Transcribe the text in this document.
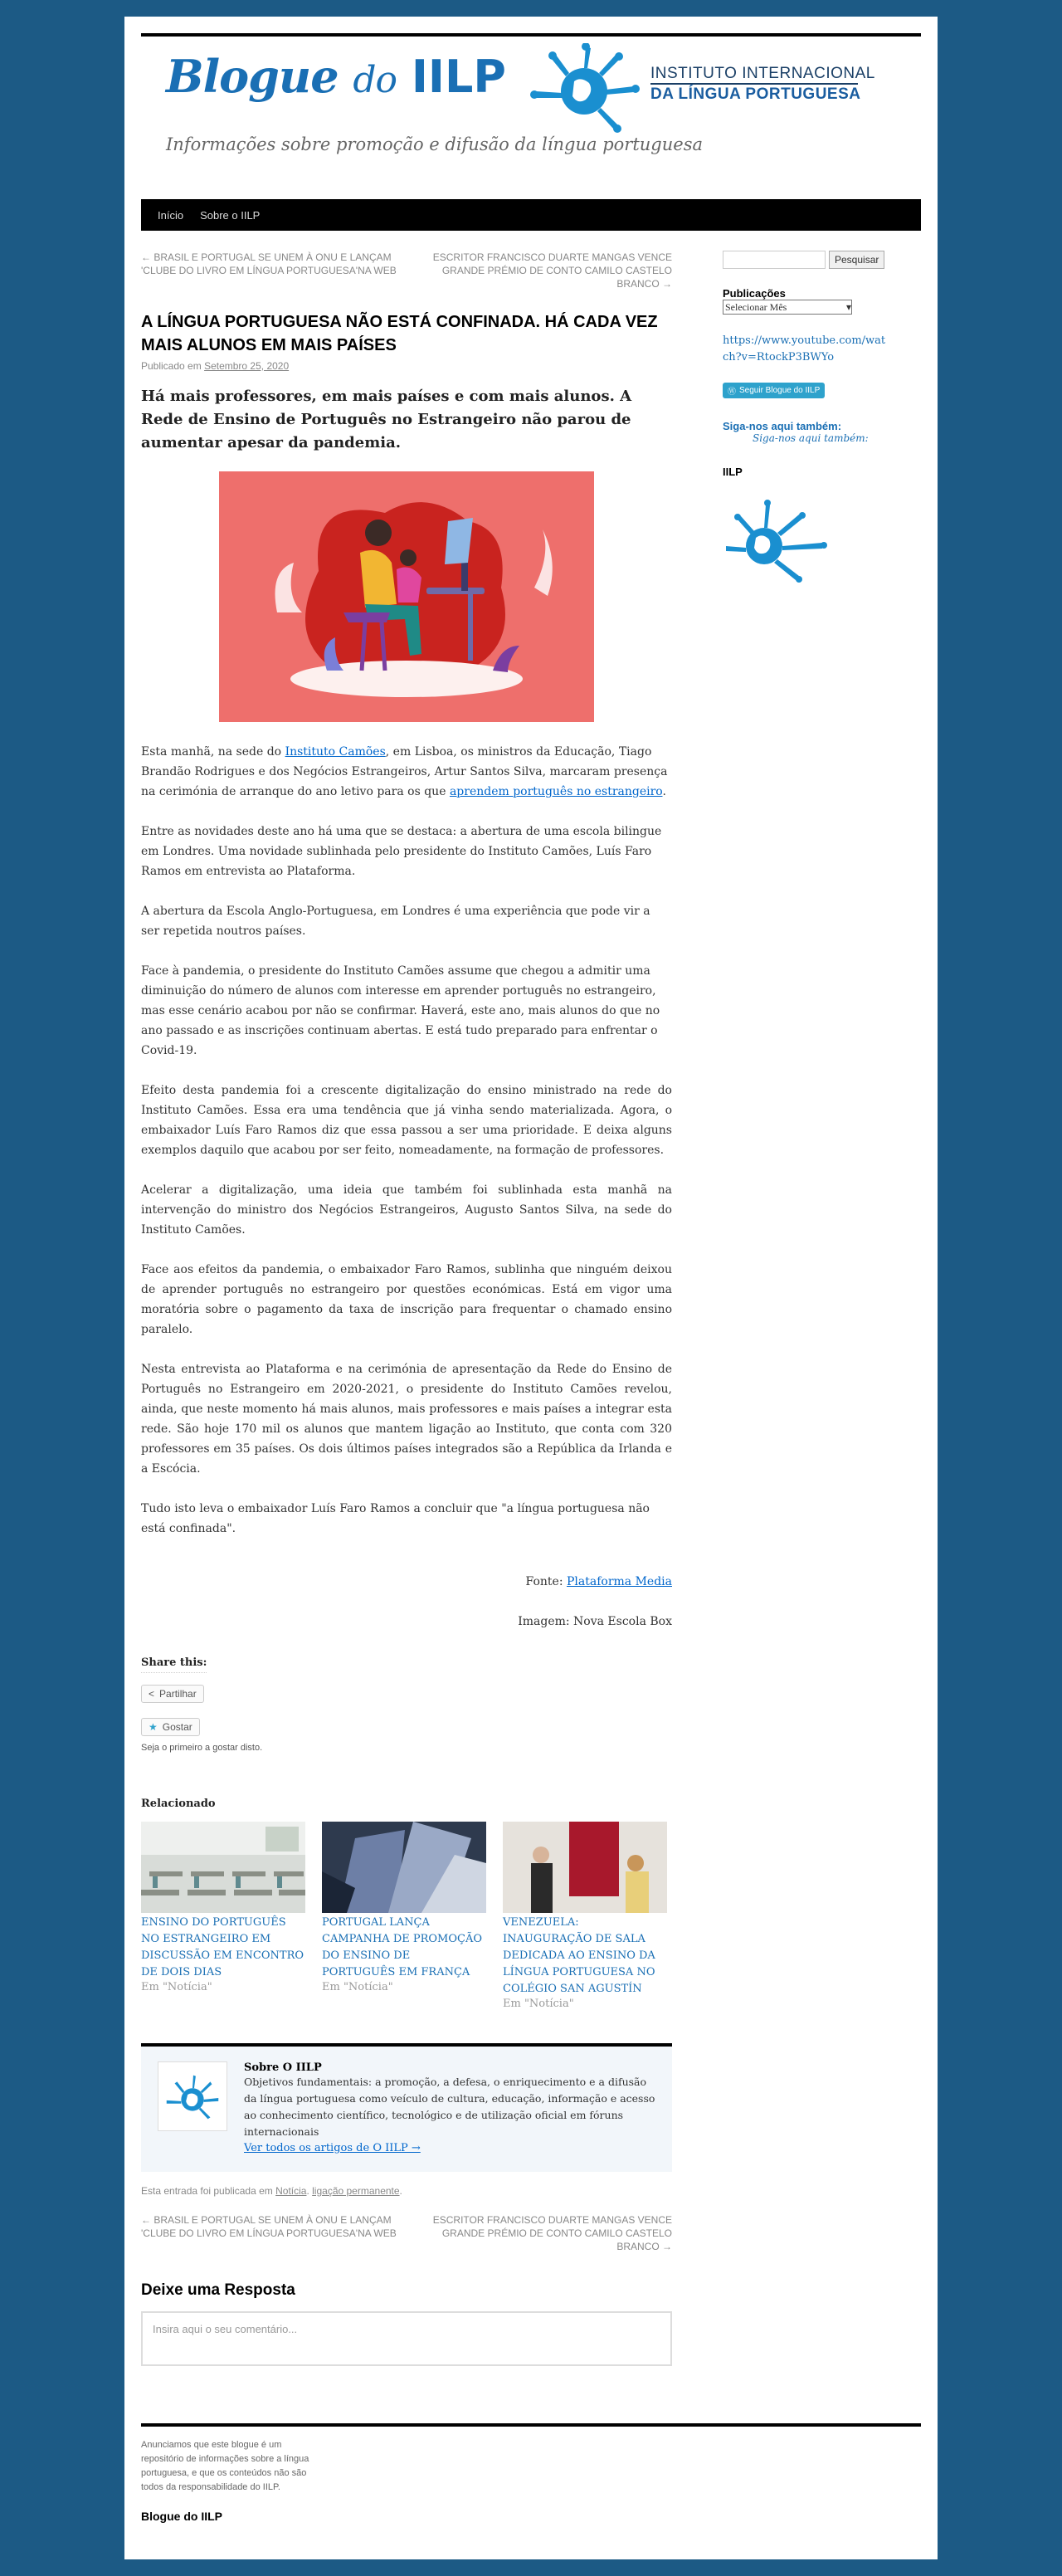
Blogue do IILP	INSTITUTO INTERNACIONAL
DA LÍNGUA PORTUGUESA
Informações sobre promoção e difusão da língua portuguesa
Início	Sobre o IILP
← BRASIL E PORTUGAL SE UNEM À ONU E LANÇAM 'CLUBE DO LIVRO EM LÍNGUA PORTUGUESA'NA WEB
ESCRITOR FRANCISCO DUARTE MANGAS VENCE GRANDE PRÉMIO DE CONTO CAMILO CASTELO BRANCO →
A LÍNGUA PORTUGUESA NÃO ESTÁ CONFINADA. HÁ CADA VEZ MAIS ALUNOS EM MAIS PAÍSES
Publicado em Setembro 25, 2020
Há mais professores, em mais países e com mais alunos. A Rede de Ensino de Português no Estrangeiro não parou de aumentar apesar da pandemia.

Esta manhã, na sede do Instituto Camões, em Lisboa, os ministros da Educação, Tiago Brandão Rodrigues e dos Negócios Estrangeiros, Artur Santos Silva, marcaram presença na cerimónia de arranque do ano letivo para os que aprendem português no estrangeiro.

Entre as novidades deste ano há uma que se destaca: a abertura de uma escola bilingue em Londres. Uma novidade sublinhada pelo presidente do Instituto Camões, Luís Faro Ramos em entrevista ao Plataforma.

A abertura da Escola Anglo-Portuguesa, em Londres é uma experiência que pode vir a ser repetida noutros países.

Face à pandemia, o presidente do Instituto Camões assume que chegou a admitir uma diminuição do número de alunos com interesse em aprender português no estrangeiro, mas esse cenário acabou por não se confirmar. Haverá, este ano, mais alunos do que no ano passado e as inscrições continuam abertas. E está tudo preparado para enfrentar o Covid-19.

Efeito desta pandemia foi a crescente digitalização do ensino ministrado na rede do Instituto Camões. Essa era uma tendência que já vinha sendo materializada. Agora, o embaixador Luís Faro Ramos diz que essa passou a ser uma prioridade. E deixa alguns exemplos daquilo que acabou por ser feito, nomeadamente, na formação de professores.

Acelerar a digitalização, uma ideia que também foi sublinhada esta manhã na intervenção do ministro dos Negócios Estrangeiros, Augusto Santos Silva, na sede do Instituto Camões.

Face aos efeitos da pandemia, o embaixador Faro Ramos, sublinha que ninguém deixou de aprender português no estrangeiro por questões económicas. Está em vigor uma moratória sobre o pagamento da taxa de inscrição para frequentar o chamado ensino paralelo.

Nesta entrevista ao Plataforma e na cerimónia de apresentação da Rede do Ensino de Português no Estrangeiro em 2020-2021, o presidente do Instituto Camões revelou, ainda, que neste momento há mais alunos, mais professores e mais países a integrar esta rede. São hoje 170 mil os alunos que mantem ligação ao Instituto, que conta com 320 professores em 35 países. Os dois últimos países integrados são a República da Irlanda e a Escócia.

Tudo isto leva o embaixador Luís Faro Ramos a concluir que "a língua portuguesa não está confinada".

Fonte: Plataforma Media

Imagem: Nova Escola Box

Share this:

< Partilhar

★ Gostar
Seja o primeiro a gostar disto.
Relacionado
ENSINO DO PORTUGUÊS NO ESTRANGEIRO EM DISCUSSÃO EM ENCONTRO DE DOIS DIAS
Em "Notícia"
PORTUGAL LANÇA CAMPANHA DE PROMOÇÃO DO ENSINO DE PORTUGUÊS EM FRANÇA
Em "Notícia"
VENEZUELA: INAUGURAÇÃO DE SALA DEDICADA AO ENSINO DA LÍNGUA PORTUGUESA NO COLÉGIO SAN AGUSTÍN
Em "Notícia"
Sobre O IILP
Objetivos fundamentais: a promoção, a defesa, o enriquecimento e a difusão da língua portuguesa como veículo de cultura, educação, informação e acesso ao conhecimento científico, tecnológico e de utilização oficial em fóruns internacionais
Ver todos os artigos de O IILP →
Esta entrada foi publicada em Notícia. ligação permanente.
← BRASIL E PORTUGAL SE UNEM À ONU E LANÇAM 'CLUBE DO LIVRO EM LÍNGUA PORTUGUESA'NA WEB
ESCRITOR FRANCISCO DUARTE MANGAS VENCE GRANDE PRÉMIO DE CONTO CAMILO CASTELO BRANCO →
Deixe uma Resposta
Insira aqui o seu comentário...
Pesquisar
Publicações
Selecionar Mês	▾
https://www.youtube.com/watch?v=RtockP3BWYo
Ⓦ Seguir Blogue do IILP
Siga-nos aqui também:
Siga-nos aqui também:
IILP
Anunciamos que este blogue é um repositório de informações sobre a língua portuguesa, e que os conteúdos não são todos da responsabilidade do IILP.
Blogue do IILP
